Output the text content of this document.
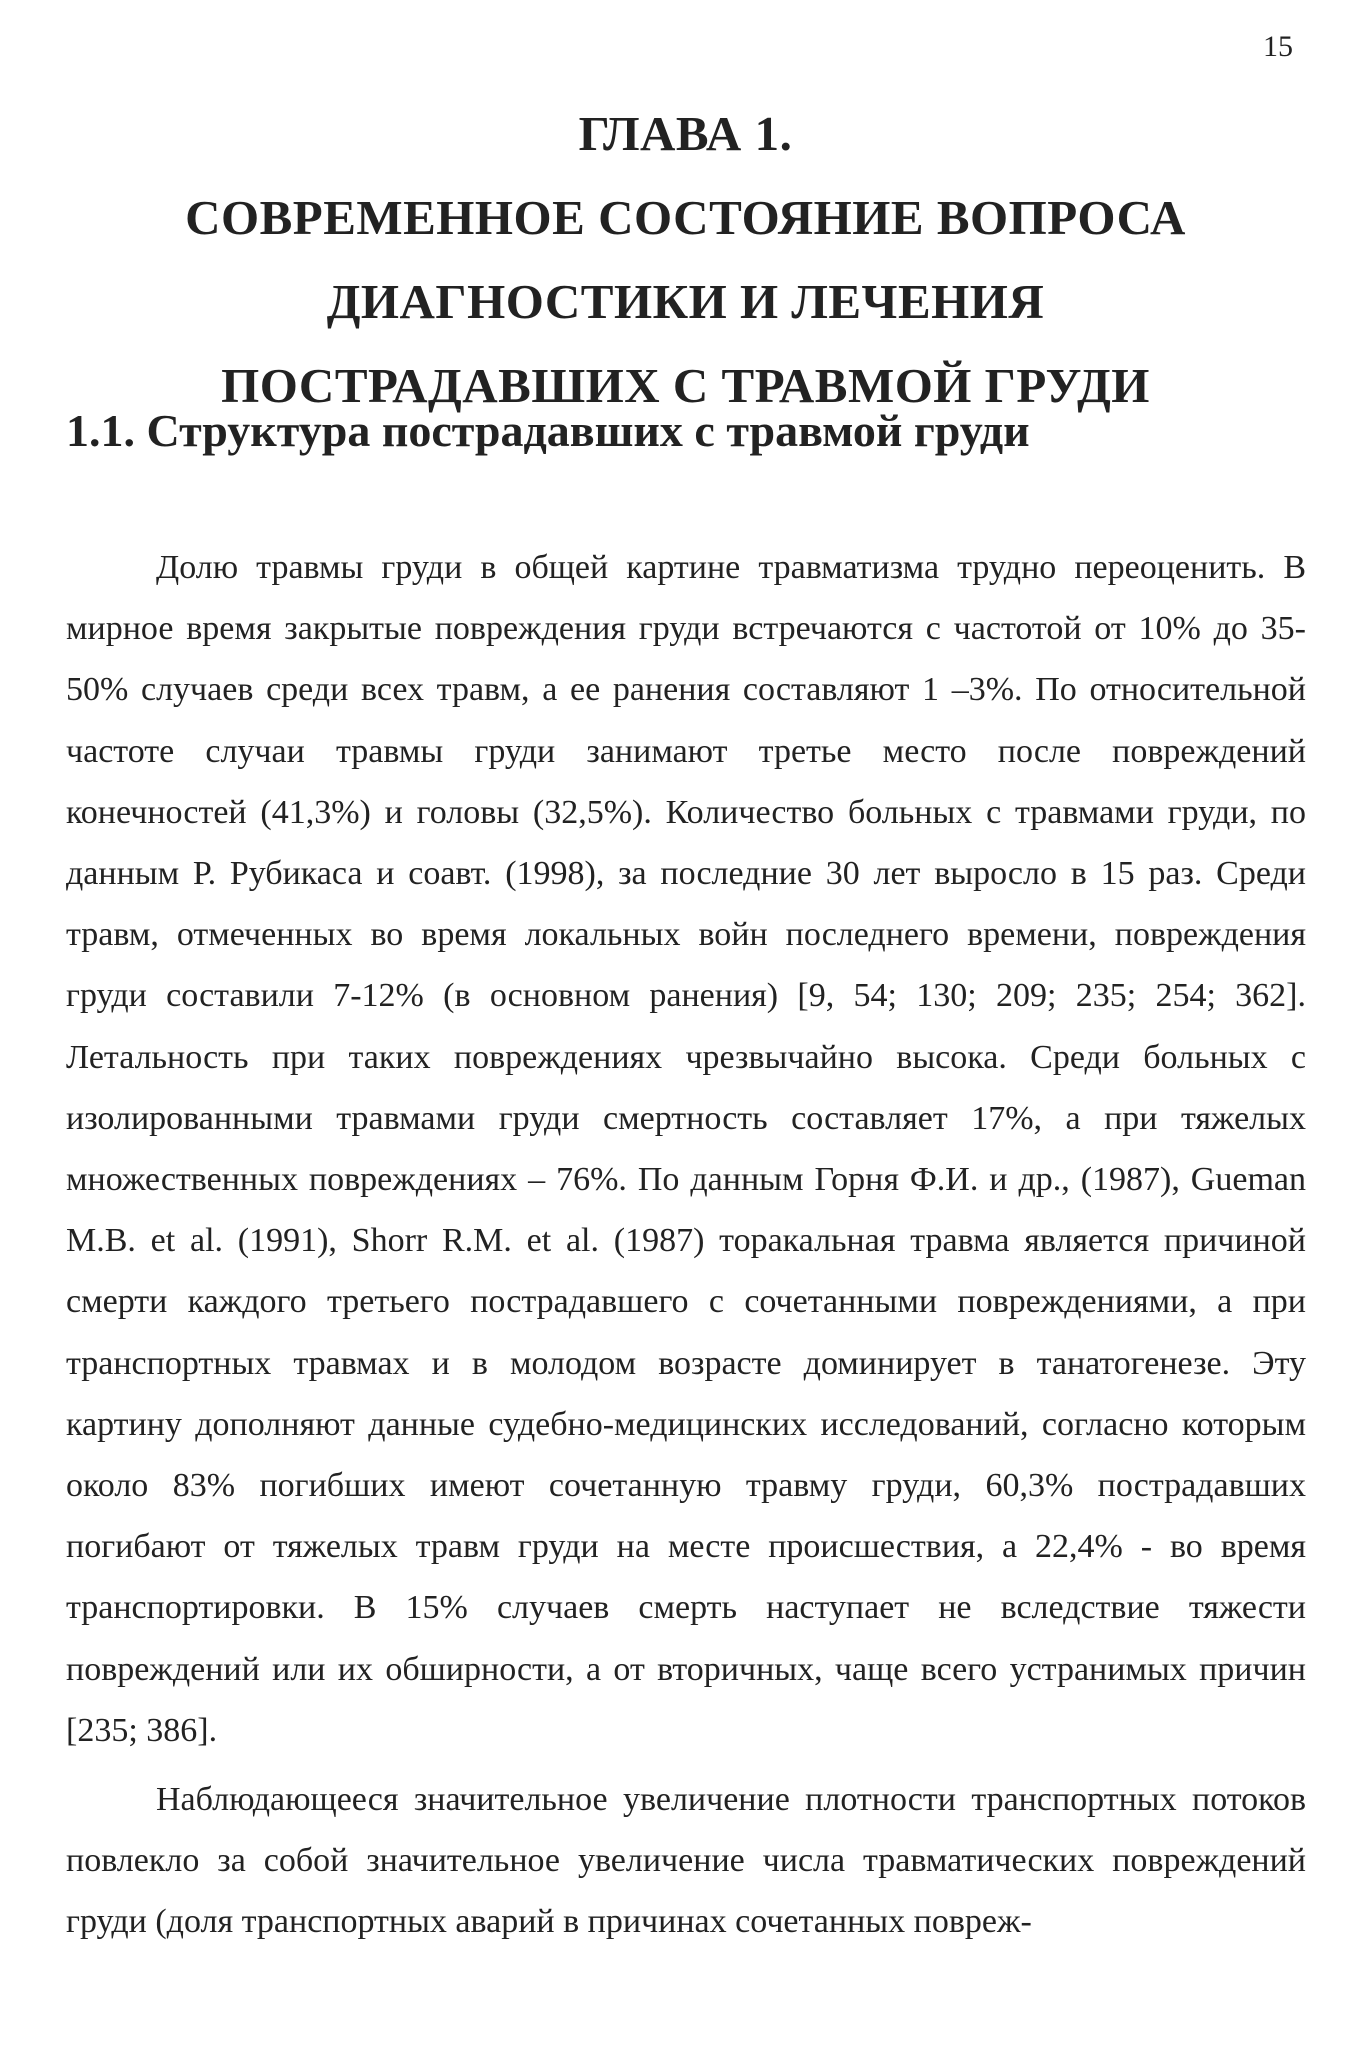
15
ГЛАВА 1.
СОВРЕМЕННОЕ СОСТОЯНИЕ ВОПРОСА
ДИАГНОСТИКИ И ЛЕЧЕНИЯ
ПОСТРАДАВШИХ С ТРАВМОЙ ГРУДИ
1.1. Структура пострадавших с травмой груди

Долю травмы груди в общей картине травматизма трудно переоценить. В мирное время закрытые повреждения груди встречаются с частотой от 10% до 35-50% случаев среди всех травм, а ее ранения составляют 1 –3%. По относительной частоте случаи травмы груди занимают третье место после повреждений конечностей (41,3%) и головы (32,5%). Количество больных с травмами груди, по данным Р. Рубикаса и соавт. (1998), за последние 30 лет выросло в 15 раз. Среди травм, отмеченных во время локальных войн последнего времени, повреждения груди составили 7-12% (в основном ранения) [9, 54; 130; 209; 235; 254; 362]. Летальность при таких повреждениях чрезвычайно высока. Среди больных с изолированными травмами груди смертность составляет 17%, а при тяжелых множественных повреждениях – 76%. По данным Горня Ф.И. и др., (1987), Gueman M.B. et al. (1991), Shorr R.M. et al. (1987) торакальная травма является причиной смерти каждого третьего пострадавшего с сочетанными повреждениями, а при транспортных травмах и в молодом возрасте доминирует в танатогенезе. Эту картину дополняют данные судебно-медицинских исследований, согласно которым около 83% погибших имеют сочетанную травму груди, 60,3% пострадавших погибают от тяжелых травм груди на месте происшествия, а 22,4% - во время транспортировки. В 15% случаев смерть наступает не вследствие тяжести повреждений или их обширности, а от вторичных, чаще всего устранимых причин [235; 386].

Наблюдающееся значительное увеличение плотности транспортных потоков повлекло за собой значительное увеличение числа травматических повреждений груди (доля транспортных аварий в причинах сочетанных повреж-
